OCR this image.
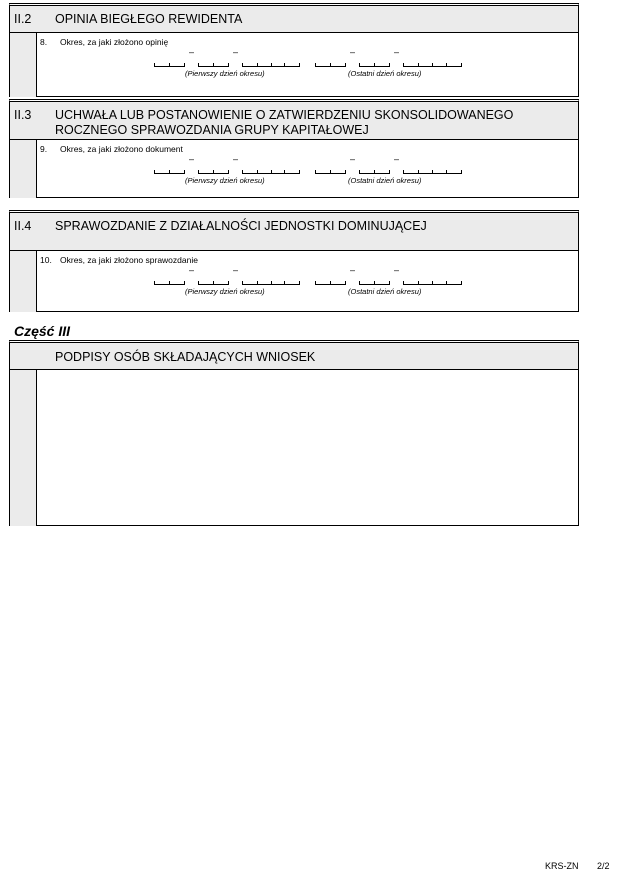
II.2 OPINIA BIEGŁEGO REWIDENTA
8. Okres, za jaki złożono opinię
–	–	–	–
(Pierwszy dzień okresu)	(Ostatni dzień okresu)
II.3 UCHWAŁA LUB POSTANOWIENIE O ZATWIERDZENIU SKONSOLIDOWANEGO ROCZNEGO SPRAWOZDANIA GRUPY KAPITAŁOWEJ
9. Okres, za jaki złożono dokument
–	–	–	–
(Pierwszy dzień okresu)	(Ostatni dzień okresu)
II.4 SPRAWOZDANIE Z DZIAŁALNOŚCI JEDNOSTKI DOMINUJĄCEJ
10. Okres, za jaki złożono sprawozdanie
–	–	–	–
(Pierwszy dzień okresu)	(Ostatni dzień okresu)
Część III
PODPISY OSÓB SKŁADAJĄCYCH WNIOSEK
KRS-ZN 2/2
